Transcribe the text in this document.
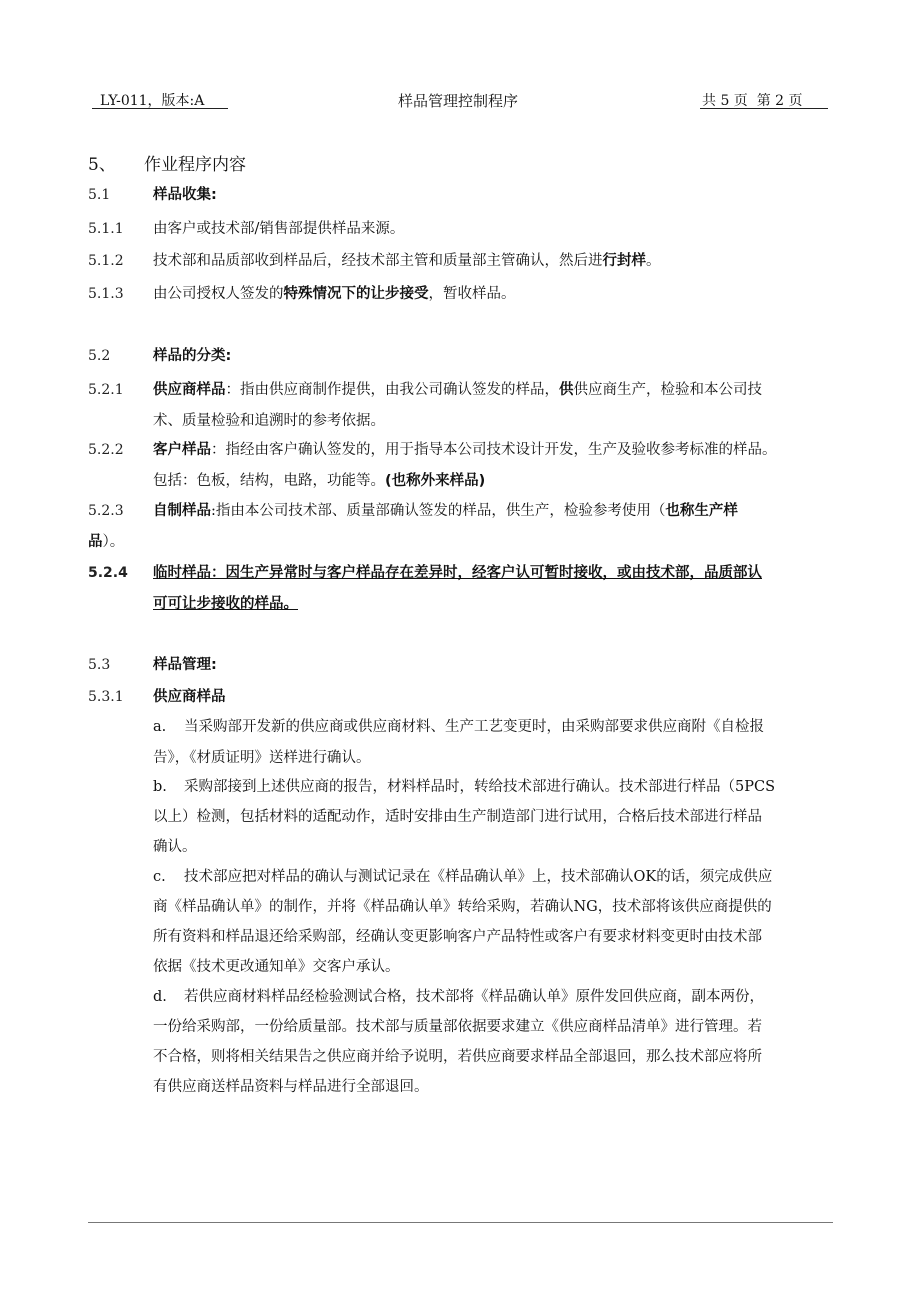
LY-011，版本:A	样品管理控制程序	共 5 页  第 2 页
5、 作业程序内容
5.1	样品收集:
5.1.1 由客户或技术部/销售部提供样品来源。
5.1.2 技术部和品质部收到样品后，经技术部主管和质量部主管确认，然后进行封样。
5.1.3 由公司授权人签发的特殊情况下的让步接受，暂收样品。
5.2	样品的分类:
5.2.1 供应商样品：指由供应商制作提供，由我公司确认签发的样品，供供应商生产，检验和本公司技
术、质量检验和追溯时的参考依据。
5.2.2 客户样品：指经由客户确认签发的，用于指导本公司技术设计开发，生产及验收参考标准的样品。
包括：色板，结构，电路，功能等。(也称外来样品)
5.2.3 自制样品:指由本公司技术部、质量部确认签发的样品，供生产，检验参考使用（也称生产样
品）。
5.2.4 临时样品：因生产异常时与客户样品存在差异时，经客户认可暂时接收，或由技术部，品质部认
可可让步接收的样品。
5.3	样品管理:
5.3.1 供应商样品
a. 当采购部开发新的供应商或供应商材料、生产工艺变更时，由采购部要求供应商附《自检报
告》，《材质证明》送样进行确认。
b. 采购部接到上述供应商的报告，材料样品时，转给技术部进行确认。技术部进行样品（5PCS
以上）检测，包括材料的适配动作，适时安排由生产制造部门进行试用，合格后技术部进行样品
确认。
c. 技术部应把对样品的确认与测试记录在《样品确认单》上，技术部确认OK的话，须完成供应
商《样品确认单》的制作，并将《样品确认单》转给采购，若确认NG，技术部将该供应商提供的
所有资料和样品退还给采购部，经确认变更影响客户产品特性或客户有要求材料变更时由技术部
依据《技术更改通知单》交客户承认。
d. 若供应商材料样品经检验测试合格，技术部将《样品确认单》原件发回供应商，副本两份，
一份给采购部，一份给质量部。技术部与质量部依据要求建立《供应商样品清单》进行管理。若
不合格，则将相关结果告之供应商并给予说明，若供应商要求样品全部退回，那么技术部应将所
有供应商送样品资料与样品进行全部退回。
